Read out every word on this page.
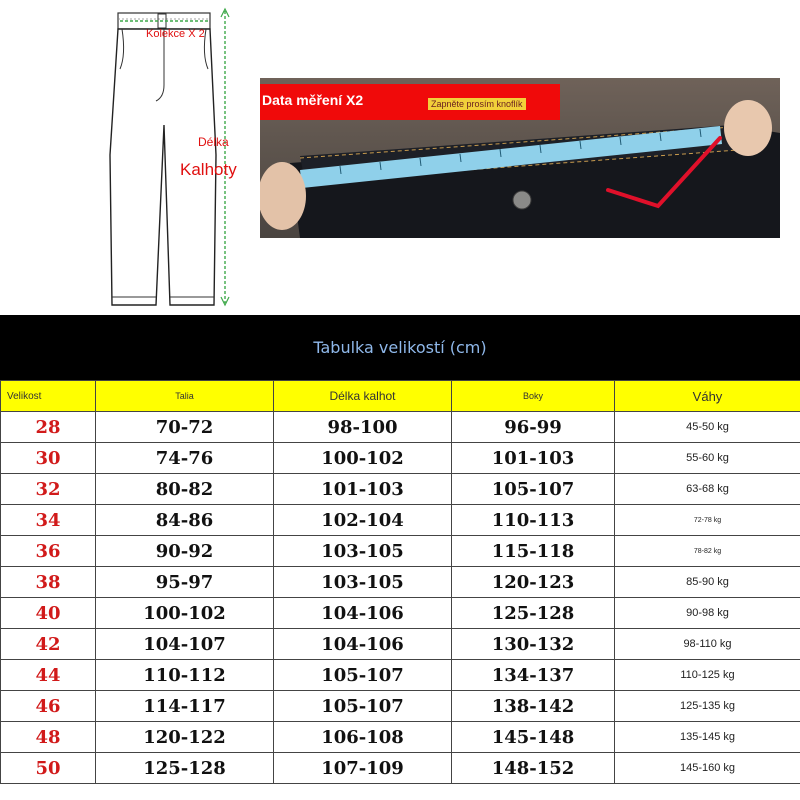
Kolekce X 2
Délka
Kalhoty
Data měření X2	Zapněte prosím knoflík
Tabulka velikostí (cm)
Velikost	Talia	Délka kalhot	Boky	Váhy
28	70-72	98-100	96-99	45-50 kg
30	74-76	100-102	101-103	55-60 kg
32	80-82	101-103	105-107	63-68 kg
34	84-86	102-104	110-113	72-78 kg
36	90-92	103-105	115-118	78-82 kg
38	95-97	103-105	120-123	85-90 kg
40	100-102	104-106	125-128	90-98 kg
42	104-107	104-106	130-132	98-110 kg
44	110-112	105-107	134-137	110-125 kg
46	114-117	105-107	138-142	125-135 kg
48	120-122	106-108	145-148	135-145 kg
50	125-128	107-109	148-152	145-160 kg
